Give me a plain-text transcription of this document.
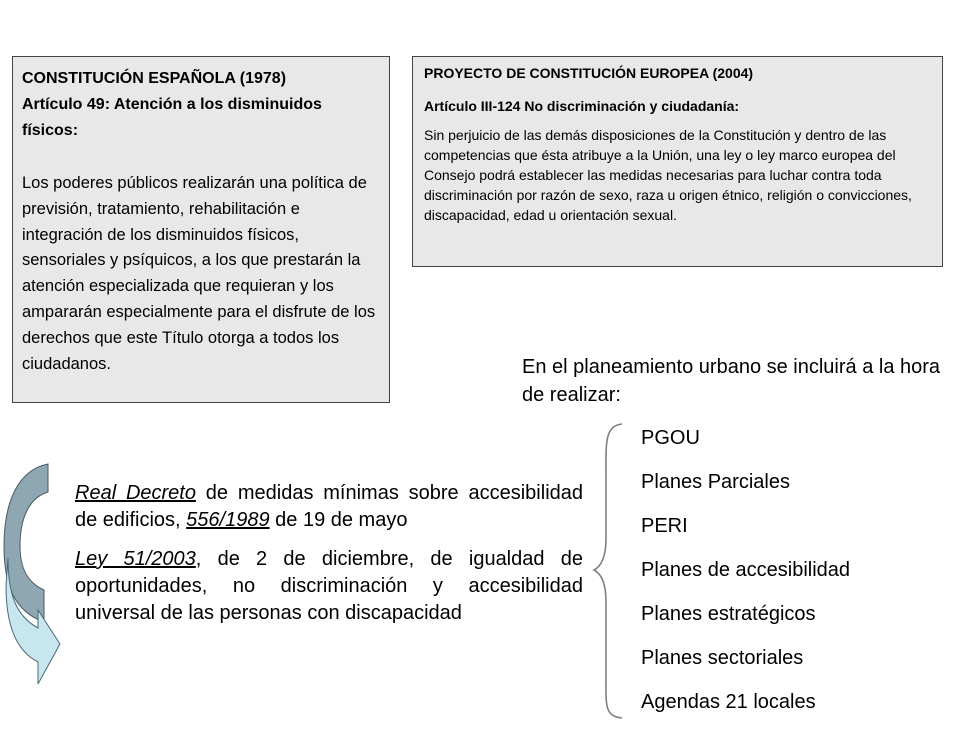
CONSTITUCIÓN ESPAÑOLA (1978)
Artículo 49: Atención a los disminuidos físicos:
Los poderes públicos realizarán una política de previsión, tratamiento, rehabilitación e integración de los disminuidos físicos, sensoriales y psíquicos, a los que prestarán la atención especializada que requieran y los ampararán especialmente para el disfrute de los derechos que este Título otorga a todos los ciudadanos.
PROYECTO DE CONSTITUCIÓN EUROPEA (2004)
Artículo III-124 No discriminación y ciudadanía:
Sin perjuicio de las demás disposiciones de la Constitución y dentro de las competencias que ésta atribuye a la Unión, una ley o ley marco europea del Consejo podrá establecer las medidas necesarias para luchar contra toda discriminación por razón de sexo, raza u origen étnico, religión o convicciones, discapacidad, edad u orientación sexual.
En el planeamiento urbano se incluirá a la hora de realizar:
PGOU
Planes Parciales
PERI
Planes de accesibilidad
Planes estratégicos
Planes sectoriales
Agendas 21 locales

Real Decreto de medidas mínimas sobre accesibilidad de edificios, 556/1989 de 19 de mayo

Ley 51/2003, de 2 de diciembre, de igualdad de oportunidades, no discriminación y accesibilidad universal de las personas con discapacidad
